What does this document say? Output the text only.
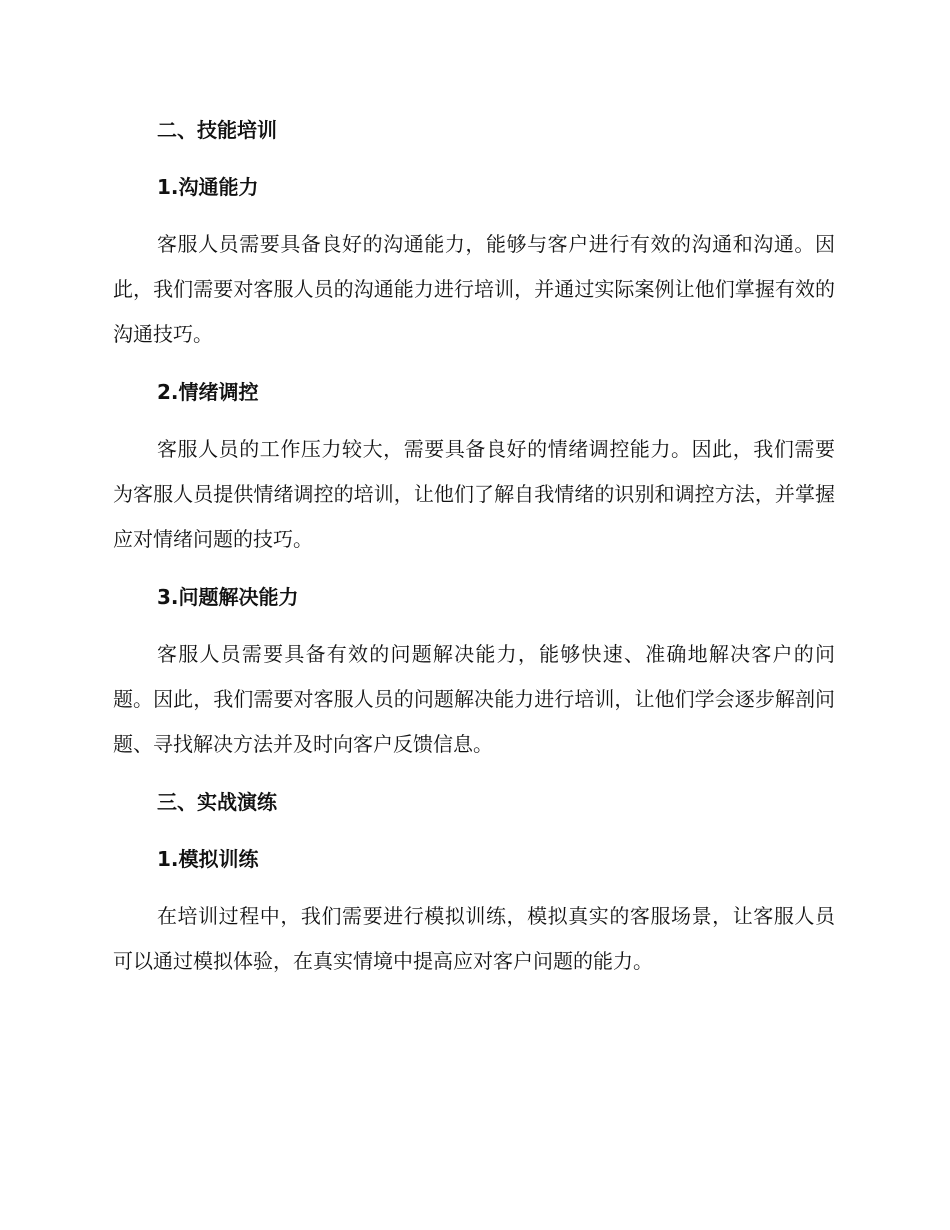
二、技能培训
1.沟通能力

客服人员需要具备良好的沟通能力，能够与客户进行有效的沟通和沟通。因此，我们需要对客服人员的沟通能力进行培训，并通过实际案例让他们掌握有效的沟通技巧。

2.情绪调控

客服人员的工作压力较大，需要具备良好的情绪调控能力。因此，我们需要为客服人员提供情绪调控的培训，让他们了解自我情绪的识别和调控方法，并掌握应对情绪问题的技巧。

3.问题解决能力

客服人员需要具备有效的问题解决能力，能够快速、准确地解决客户的问题。因此，我们需要对客服人员的问题解决能力进行培训，让他们学会逐步解剖问题、寻找解决方法并及时向客户反馈信息。

三、实战演练
1.模拟训练

在培训过程中，我们需要进行模拟训练，模拟真实的客服场景，让客服人员可以通过模拟体验，在真实情境中提高应对客户问题的能力。
